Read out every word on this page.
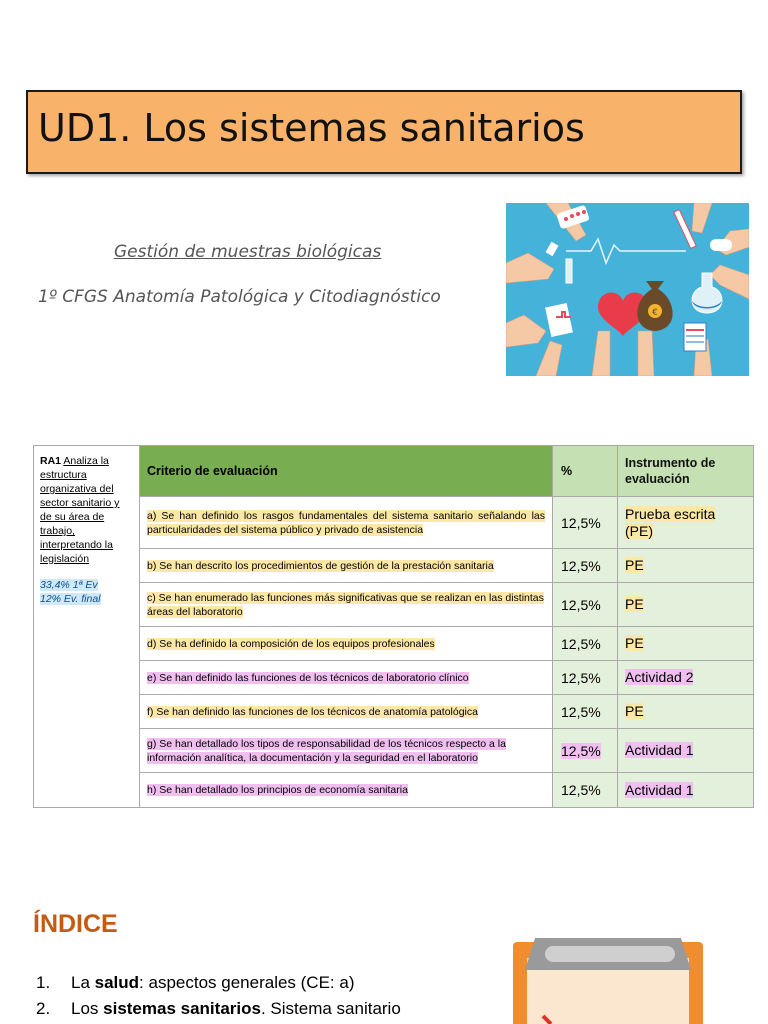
UD1. Los sistemas sanitarios
Gestión de muestras biológicas
1º CFGS Anatomía Patológica y Citodiagnóstico
€
RA1 Analiza la estructura organizativa del sector sanitario y de su área de trabajo, interpretando la legislación
33,4% 1ª Ev
12% Ev. final	Criterio de evaluación	%	Instrumento de evaluación
	a) Se han definido los rasgos fundamentales del sistema sanitario señalando las particularidades del sistema público y privado de asistencia	12,5%	Prueba escrita (PE)
	b) Se han descrito los procedimientos de gestión de la prestación sanitaria	12,5%	PE
	c) Se han enumerado las funciones más significativas que se realizan en las distintas áreas del laboratorio	12,5%	PE
	d) Se ha definido la composición de los equipos profesionales	12,5%	PE
	e) Se han definido las funciones de los técnicos de laboratorio clínico	12,5%	Actividad 2
	f) Se han definido las funciones de los técnicos de anatomía patológica	12,5%	PE
	g) Se han detallado los tipos de responsabilidad de los técnicos respecto a la información analítica, la documentación y la seguridad en el laboratorio	12,5%	Actividad 1
	h) Se han detallado los principios de economía sanitaria	12,5%	Actividad 1
ÍNDICE
1. La salud: aspectos generales (CE: a)
2. Los sistemas sanitarios. Sistema sanitario
